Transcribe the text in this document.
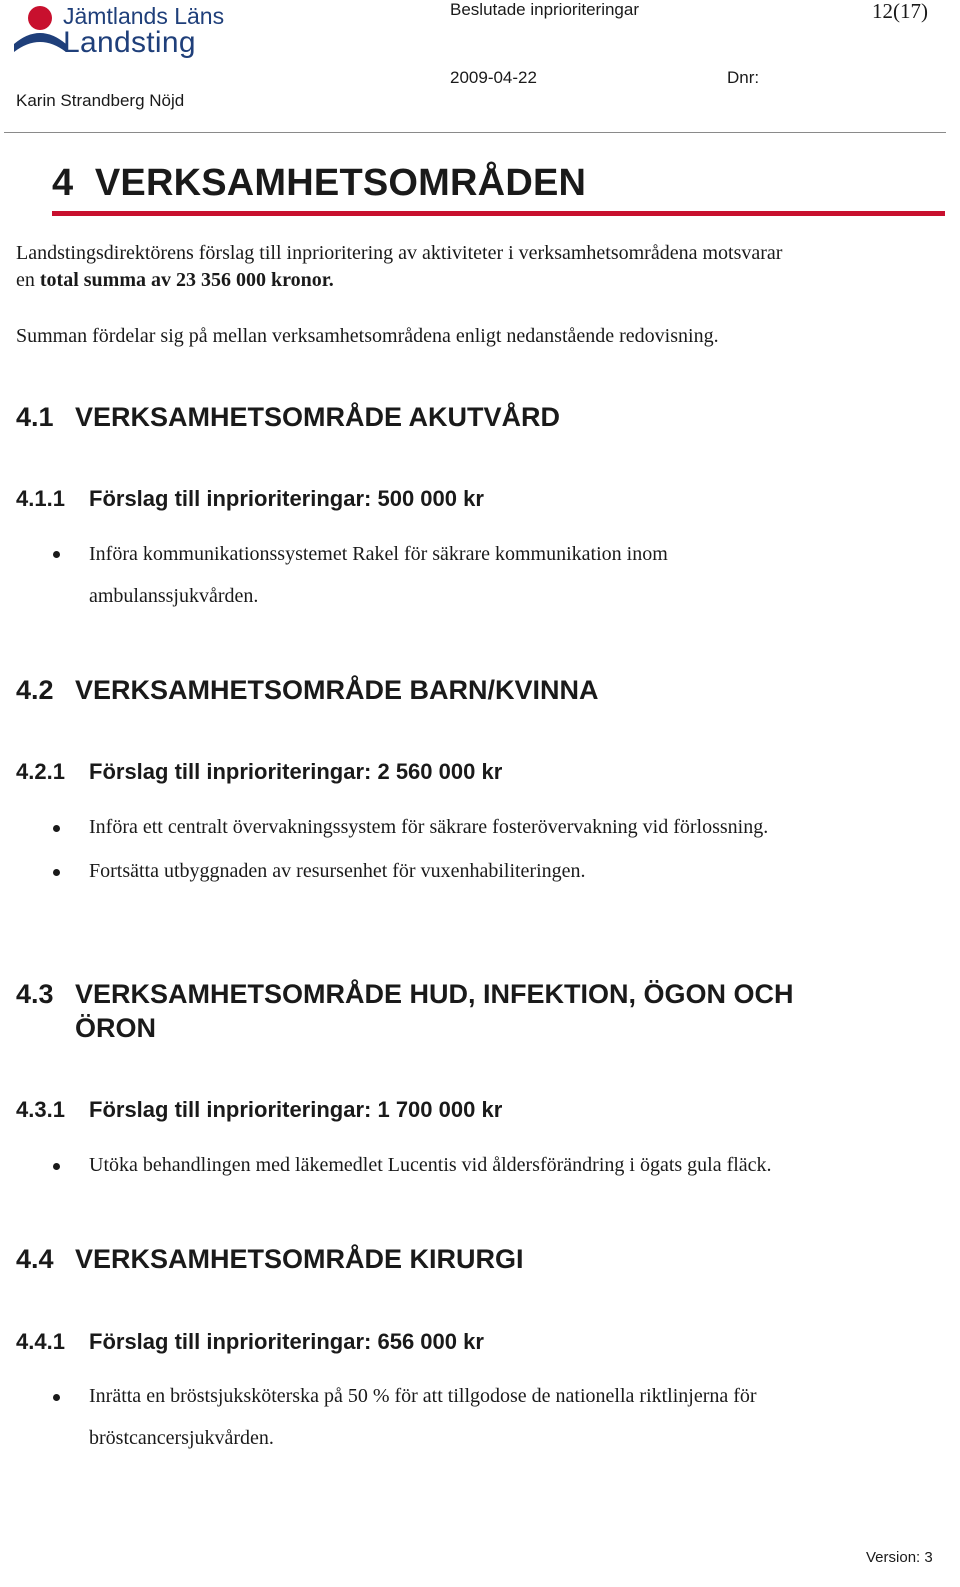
Jämtlands Läns
Landsting
Beslutade inprioriteringar	12(17)
2009-04-22	Dnr:
Karin Strandberg Nöjd
4 VERKSAMHETSOMRÅDEN
Landstingsdirektörens förslag till inprioritering av aktiviteter i verksamhetsområdena motsvarar
en total summa av 23 356 000 kronor.
Summan fördelar sig på mellan verksamhetsområdena enligt nedanstående redovisning.
4.1 VERKSAMHETSOMRÅDE AKUTVÅRD
4.1.1 Förslag till inprioriteringar: 500 000 kr
Införa kommunikationssystemet Rakel för säkrare kommunikation inom
ambulanssjukvården.
4.2 VERKSAMHETSOMRÅDE BARN/KVINNA
4.2.1 Förslag till inprioriteringar: 2 560 000 kr
Införa ett centralt övervakningssystem för säkrare fosterövervakning vid förlossning.
Fortsätta utbyggnaden av resursenhet för vuxenhabiliteringen.
4.3 VERKSAMHETSOMRÅDE HUD, INFEKTION, ÖGON OCH
ÖRON
4.3.1 Förslag till inprioriteringar: 1 700 000 kr
Utöka behandlingen med läkemedlet Lucentis vid åldersförändring i ögats gula fläck.
4.4 VERKSAMHETSOMRÅDE KIRURGI
4.4.1 Förslag till inprioriteringar: 656 000 kr
Inrätta en bröstsjuksköterska på 50 % för att tillgodose de nationella riktlinjerna för
bröstcancersjukvården.
Version: 3
